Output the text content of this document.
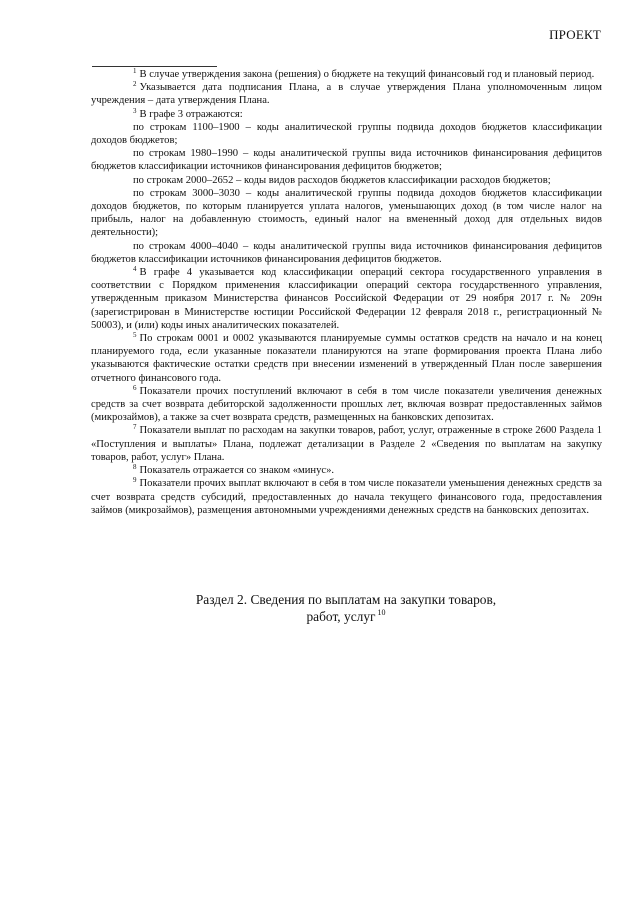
ПРОЕКТ

$^1$ В случае утверждения закона (решения) о бюджете на текущий финансовый год и плановый период.

$^2$ Указывается дата подписания Плана, а в случае утверждения Плана уполномоченным лицом учреждения – дата утверждения Плана.

$^3$ В графе 3 отражаются:

по строкам 1100–1900 – коды аналитической группы подвида доходов бюджетов классификации доходов бюджетов;

по строкам 1980–1990 – коды аналитической группы вида источников финансирования дефицитов бюджетов классификации источников финансирования дефицитов бюджетов;

по строкам 2000–2652 – коды видов расходов бюджетов классификации расходов бюджетов;

по строкам 3000–3030 – коды аналитической группы подвида доходов бюджетов классификации доходов бюджетов, по которым планируется уплата налогов, уменьшающих доход (в том числе налог на прибыль, налог на добавленную стоимость, единый налог на вмененный доход для отдельных видов деятельности);

по строкам 4000–4040 – коды аналитической группы вида источников финансирования дефицитов бюджетов классификации источников финансирования дефицитов бюджетов.

$^4$ В графе 4 указывается код классификации операций сектора государственного управления в соответствии с Порядком применения классификации операций сектора государственного управления, утвержденным приказом Министерства финансов Российской Федерации от 29 ноября 2017 г. № 209н (зарегистрирован в Министерстве юстиции Российской Федерации 12 февраля 2018 г., регистрационный № 50003), и (или) коды иных аналитических показателей.

$^5$ По строкам 0001 и 0002 указываются планируемые суммы остатков средств на начало и на конец планируемого года, если указанные показатели планируются на этапе формирования проекта Плана либо указываются фактические остатки средств при внесении изменений в утвержденный План после завершения отчетного финансового года.

$^6$ Показатели прочих поступлений включают в себя в том числе показатели увеличения денежных средств за счет возврата дебиторской задолженности прошлых лет, включая возврат предоставленных займов (микрозаймов), а также за счет возврата средств, размещенных на банковских депозитах.

$^7$ Показатели выплат по расходам на закупки товаров, работ, услуг, отраженные в строке 2600 Раздела 1 «Поступления и выплаты» Плана, подлежат детализации в Разделе 2 «Сведения по выплатам на закупку товаров, работ, услуг» Плана.

$^8$ Показатель отражается со знаком «минус».

$^9$ Показатели прочих выплат включают в себя в том числе показатели уменьшения денежных средств за счет возврата средств субсидий, предоставленных до начала текущего финансового года, предоставления займов (микрозаймов), размещения автономными учреждениями денежных средств на банковских депозитах.

Раздел 2. Сведения по выплатам на закупки товаров,
работ, услуг $^{10}$
